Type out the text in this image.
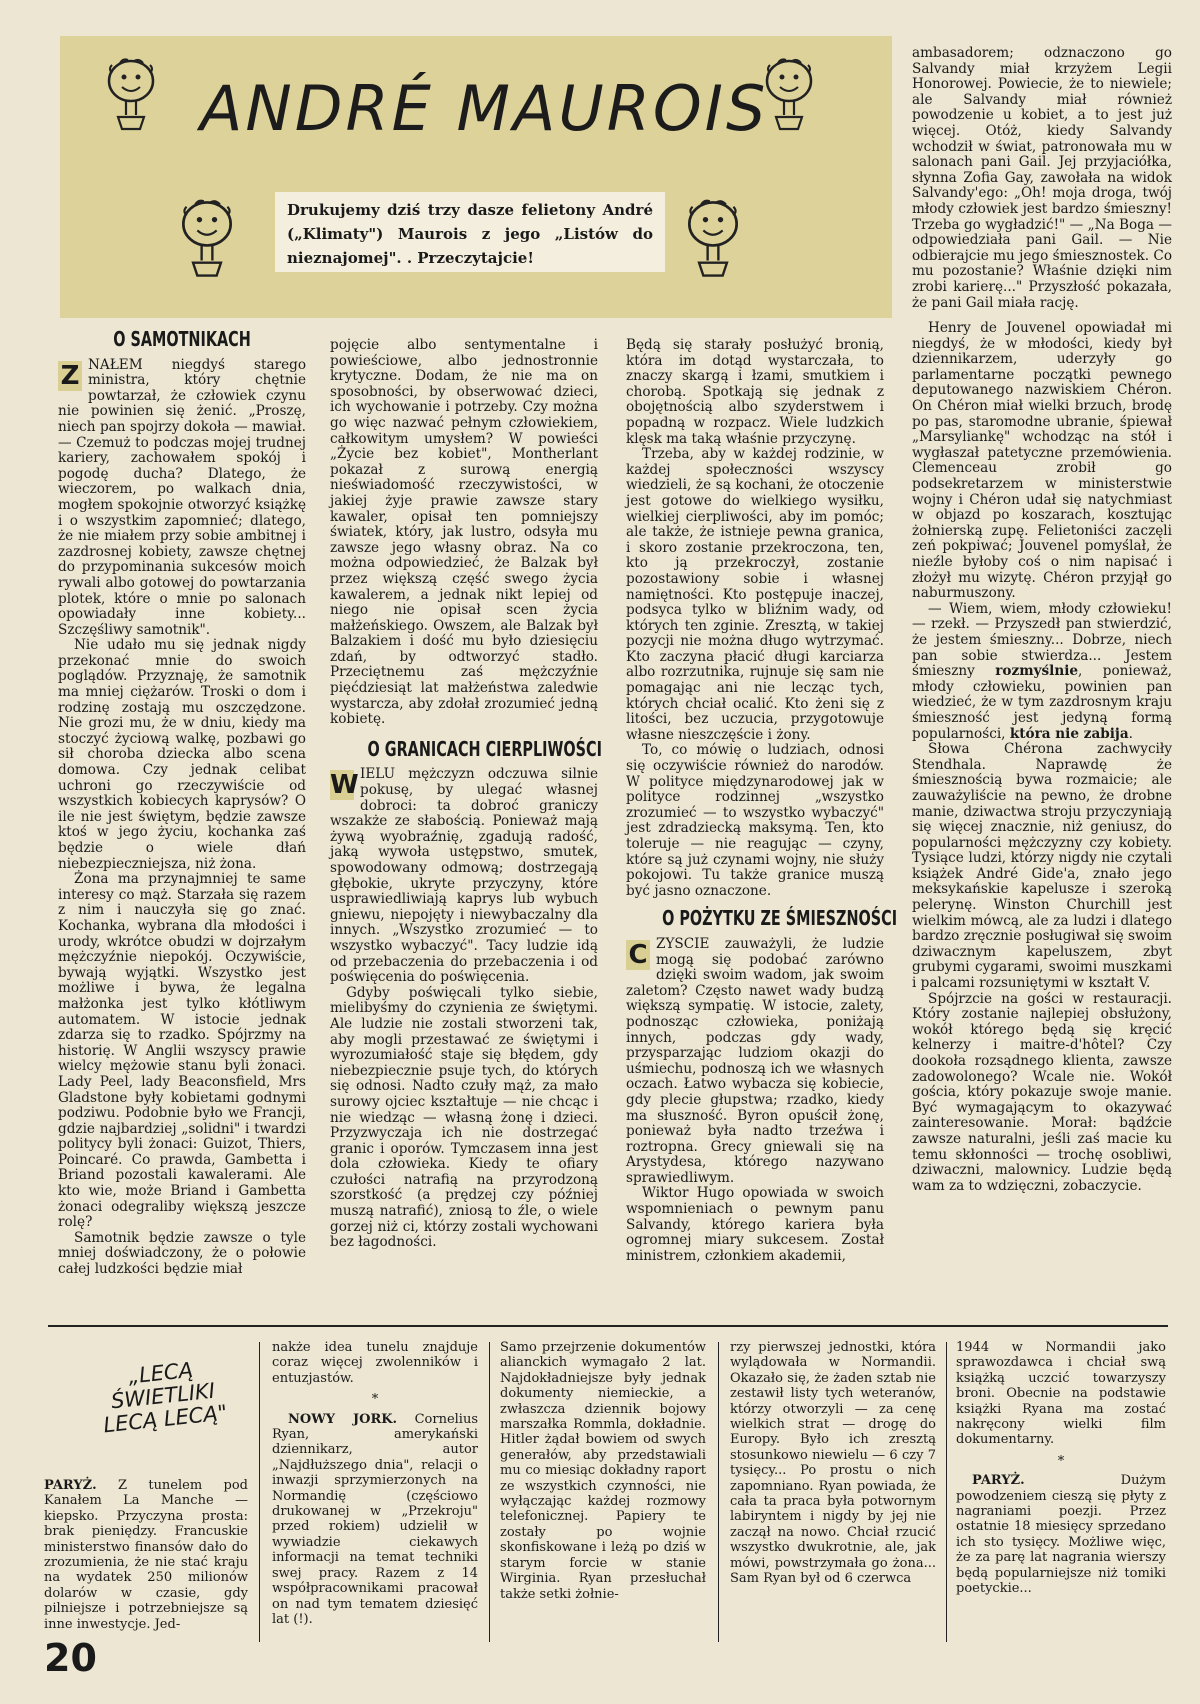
ANDRÉ MAUROIS
Drukujemy dziś trzy dasze felietony André („Klimaty") Maurois z jego „Listów do nieznajomej". . Przeczytajcie!
O SAMOTNIKACH

Z NAŁEM niegdyś starego ministra, który chętnie powtarzał, że człowiek czynu nie powinien się żenić. „Proszę, niech pan spojrzy dokoła — mawiał. — Czemuż to podczas mojej trudnej kariery, zachowałem spokój i pogodę ducha? Dlatego, że wieczorem, po walkach dnia, mogłem spokojnie otworzyć książkę i o wszystkim zapomnieć; dlatego, że nie miałem przy sobie ambitnej i zazdrosnej kobiety, zawsze chętnej do przypominania sukcesów moich rywali albo gotowej do powtarzania plotek, które o mnie po salonach opowiadały inne kobiety... Szczęśliwy samotnik".

Nie udało mu się jednak nigdy przekonać mnie do swoich poglądów. Przyznaję, że samotnik ma mniej ciężarów. Troski o dom i rodzinę zostają mu oszczędzone. Nie grozi mu, że w dniu, kiedy ma stoczyć życiową walkę, pozbawi go sił choroba dziecka albo scena domowa. Czy jednak celibat uchroni go rzeczywiście od wszystkich kobiecych kaprysów? O ile nie jest świętym, będzie zawsze ktoś w jego życiu, kochanka zaś będzie o wiele dłań niebezpieczniejsza, niż żona.

Żona ma przynajmniej te same interesy co mąż. Starzała się razem z nim i nauczyła się go znać. Kochanka, wybrana dla młodości i urody, wkrótce obudzi w dojrzałym mężczyźnie niepokój. Oczywiście, bywają wyjątki. Wszystko jest możliwe i bywa, że legalna małżonka jest tylko kłótliwym automatem. W istocie jednak zdarza się to rzadko. Spójrzmy na historię. W Anglii wszyscy prawie wielcy mężowie stanu byli żonaci. Lady Peel, lady Beaconsfield, Mrs Gladstone były kobietami godnymi podziwu. Podobnie było we Francji, gdzie najbardziej „solidni" i twardzi politycy byli żonaci: Guizot, Thiers, Poincaré. Co prawda, Gambetta i Briand pozostali kawalerami. Ale kto wie, może Briand i Gambetta żonaci odegraliby większą jeszcze rolę?

Samotnik będzie zawsze o tyle mniej doświadczony, że o połowie całej ludzkości będzie miał

pojęcie albo sentymentalne i powieściowe, albo jednostronnie krytyczne. Dodam, że nie ma on sposobności, by obserwować dzieci, ich wychowanie i potrzeby. Czy można go więc nazwać pełnym człowiekiem, całkowitym umysłem? W powieści „Życie bez kobiet", Montherlant pokazał z surową energią nieświadomość rzeczywistości, w jakiej żyje prawie zawsze stary kawaler, opisał ten pomniejszy światek, który, jak lustro, odsyła mu zawsze jego własny obraz. Na co można odpowiedzieć, że Balzak był przez większą część swego życia kawalerem, a jednak nikt lepiej od niego nie opisał scen życia małżeńskiego. Owszem, ale Balzak był Balzakiem i dość mu było dziesięciu zdań, by odtworzyć stadło. Przeciętnemu zaś mężczyźnie pięćdziesiąt lat małżeństwa zaledwie wystarcza, aby zdołał zrozumieć jedną kobietę.

O GRANICACH CIERPLIWOŚCI

W IELU mężczyzn odczuwa silnie pokusę, by ulegać własnej dobroci: ta dobroć graniczy wszakże ze słabością. Ponieważ mają żywą wyobraźnię, zgadują radość, jaką wywoła ustępstwo, smutek, spowodowany odmową; dostrzegają głębokie, ukryte przyczyny, które usprawiedliwiają kaprys lub wybuch gniewu, niepojęty i niewybaczalny dla innych. „Wszystko zrozumieć — to wszystko wybaczyć". Tacy ludzie idą od przebaczenia do przebaczenia i od poświęcenia do poświęcenia.

Gdyby poświęcali tylko siebie, mielibyśmy do czynienia ze świętymi. Ale ludzie nie zostali stworzeni tak, aby mogli przestawać ze świętymi i wyrozumiałość staje się błędem, gdy niebezpiecznie psuje tych, do których się odnosi. Nadto czuły mąż, za mało surowy ojciec kształtuje — nie chcąc i nie wiedząc — własną żonę i dzieci. Przyzwyczaja ich nie dostrzegać granic i oporów. Tymczasem inna jest dola człowieka. Kiedy te ofiary czułości natrafią na przyrodzoną szorstkość (a prędzej czy później muszą natrafić), zniosą to źle, o wiele gorzej niż ci, którzy zostali wychowani bez łagodności.

Będą się starały posłużyć bronią, która im dotąd wystarczała, to znaczy skargą i łzami, smutkiem i chorobą. Spotkają się jednak z obojętnością albo szyderstwem i popadną w rozpacz. Wiele ludzkich klęsk ma taką właśnie przyczynę.

Trzeba, aby w każdej rodzinie, w każdej społeczności wszyscy wiedzieli, że są kochani, że otoczenie jest gotowe do wielkiego wysiłku, wielkiej cierpliwości, aby im pomóc; ale także, że istnieje pewna granica, i skoro zostanie przekroczona, ten, kto ją przekroczył, zostanie pozostawiony sobie i własnej namiętności. Kto postępuje inaczej, podsyca tylko w bliźnim wady, od których ten zginie. Zresztą, w takiej pozycji nie można długo wytrzymać. Kto zaczyna płacić długi karciarza albo rozrzutnika, rujnuje się sam nie pomagając ani nie lecząc tych, których chciał ocalić. Kto żeni się z litości, bez uczucia, przygotowuje własne nieszczęście i żony.

To, co mówię o ludziach, odnosi się oczywiście również do narodów. W polityce międzynarodowej jak w polityce rodzinnej „wszystko zrozumieć — to wszystko wybaczyć" jest zdradziecką maksymą. Ten, kto toleruje — nie reagując — czyny, które są już czynami wojny, nie służy pokojowi. Tu także granice muszą być jasno oznaczone.

O POŻYTKU ZE ŚMIESZNOŚCI

C ZYSCIE zauważyli, że ludzie mogą się podobać zarówno dzięki swoim wadom, jak swoim zaletom? Często nawet wady budzą większą sympatię. W istocie, zalety, podnosząc człowieka, poniżają innych, podczas gdy wady, przysparzając ludziom okazji do uśmiechu, podnoszą ich we własnych oczach. Łatwo wybacza się kobiecie, gdy plecie głupstwa; rzadko, kiedy ma słuszność. Byron opuścił żonę, ponieważ była nadto trzeźwa i roztropna. Grecy gniewali się na Arystydesa, którego nazywano sprawiedliwym.

Wiktor Hugo opowiada w swoich wspomnieniach o pewnym panu Salvandy, którego kariera była ogromnej miary sukcesem. Został ministrem, członkiem akademii,

ambasadorem; odznaczono go Salvandy miał krzyżem Legii Honorowej. Powiecie, że to niewiele; ale Salvandy miał również powodzenie u kobiet, a to jest już więcej. Otóż, kiedy Salvandy wchodził w świat, patronowała mu w salonach pani Gail. Jej przyjaciółka, słynna Zofia Gay, zawołała na widok Salvandy'ego: „Oh! moja droga, twój młody człowiek jest bardzo śmieszny! Trzeba go wygładzić!" — „Na Boga — odpowiedziała pani Gail. — Nie odbierajcie mu jego śmiesznostek. Co mu pozostanie? Właśnie dzięki nim zrobi karierę..." Przyszłość pokazała, że pani Gail miała rację.

Henry de Jouvenel opowiadał mi niegdyś, że w młodości, kiedy był dziennikarzem, uderzyły go parlamentarne początki pewnego deputowanego nazwiskiem Chéron. On Chéron miał wielki brzuch, brodę po pas, staromodne ubranie, śpiewał „Marsyliankę" wchodząc na stół i wygłaszał patetyczne przemówienia. Clemenceau zrobił go podsekretarzem w ministerstwie wojny i Chéron udał się natychmiast w objazd po koszarach, kosztując żołnierską zupę. Felietoniści zaczęli zeń pokpiwać; Jouvenel pomyślał, że nieźle byłoby coś o nim napisać i złożył mu wizytę. Chéron przyjął go naburmuszony.

— Wiem, wiem, młody człowieku! — rzekł. — Przyszedł pan stwierdzić, że jestem śmieszny... Dobrze, niech pan sobie stwierdza... Jestem śmieszny rozmyślnie, ponieważ, młody człowieku, powinien pan wiedzieć, że w tym zazdrosnym kraju śmieszność jest jedyną formą popularności, która nie zabija.

Słowa Chérona zachwyciły Stendhala. Naprawdę że śmiesznością bywa rozmaicie; ale zauważyliście na pewno, że drobne manie, dziwactwa stroju przyczyniają się więcej znacznie, niż geniusz, do popularności mężczyzny czy kobiety. Tysiące ludzi, którzy nigdy nie czytali książek André Gide'a, znało jego meksykańskie kapelusze i szeroką pelerynę. Winston Churchill jest wielkim mówcą, ale za ludzi i dlatego bardzo zręcznie posługiwał się swoim dziwacznym kapeluszem, zbyt grubymi cygarami, swoimi muszkami i palcami rozsuniętymi w kształt V.

Spójrzcie na gości w restauracji. Który zostanie najlepiej obsłużony, wokół którego będą się kręcić kelnerzy i maitre-d'hôtel? Czy dookoła rozsądnego klienta, zawsze zadowolonego? Wcale nie. Wokół gościa, który pokazuje swoje manie. Być wymagającym to okazywać zainteresowanie. Morał: bądźcie zawsze naturalni, jeśli zaś macie ku temu skłonności — trochę osobliwi, dziwaczni, malownicy. Ludzie będą wam za to wdzięczni, zobaczycie.

„LECĄ ŚWIETLIKI LECĄ LECĄ"

PARYŻ. Z tunelem pod Kanałem La Manche — kiepsko. Przyczyna prosta: brak pieniędzy. Francuskie ministerstwo finansów dało do zrozumienia, że nie stać kraju na wydatek 250 milionów dolarów w czasie, gdy pilniejsze i potrzebniejsze są inne inwestycje. Jed-

nakże idea tunelu znajduje coraz więcej zwolenników i entuzjastów.

*

NOWY JORK. Cornelius Ryan, amerykański dziennikarz, autor „Najdłuższego dnia", relacji o inwazji sprzymierzonych na Normandię (częściowo drukowanej w „Przekroju" przed rokiem) udzielił w wywiadzie ciekawych informacji na temat techniki swej pracy. Razem z 14 współpracownikami pracował on nad tym tematem dziesięć lat (!).

Samo przejrzenie dokumentów alianckich wymagało 2 lat. Najdokładniejsze były jednak dokumenty niemieckie, a zwłaszcza dziennik bojowy marszałka Rommla, dokładnie. Hitler żądał bowiem od swych generałów, aby przedstawiali mu co miesiąc dokładny raport ze wszystkich czynności, nie wyłączając każdej rozmowy telefonicznej. Papiery te zostały po wojnie skonfiskowane i leżą po dziś w starym forcie w stanie Wirginia. Ryan przesłuchał także setki żołnie-

rzy pierwszej jednostki, która wylądowała w Normandii. Okazało się, że żaden sztab nie zestawił listy tych weteranów, którzy otworzyli — za cenę wielkich strat — drogę do Europy. Było ich zresztą stosunkowo niewielu — 6 czy 7 tysięcy... Po prostu o nich zapomniano. Ryan powiada, że cała ta praca była potwornym labiryntem i nigdy by jej nie zaczął na nowo. Chciał rzucić wszystko dwukrotnie, ale, jak mówi, powstrzymała go żona... Sam Ryan był od 6 czerwca

1944 w Normandii jako sprawozdawca i chciał swą książką uczcić towarzyszy broni. Obecnie na podstawie książki Ryana ma zostać nakręcony wielki film dokumentarny.

*

PARYŻ. Dużym powodzeniem cieszą się płyty z nagraniami poezji. Przez ostatnie 18 miesięcy sprzedano ich sto tysięcy. Możliwe więc, że za parę lat nagrania wierszy będą popularniejsze niż tomiki poetyckie...

20
